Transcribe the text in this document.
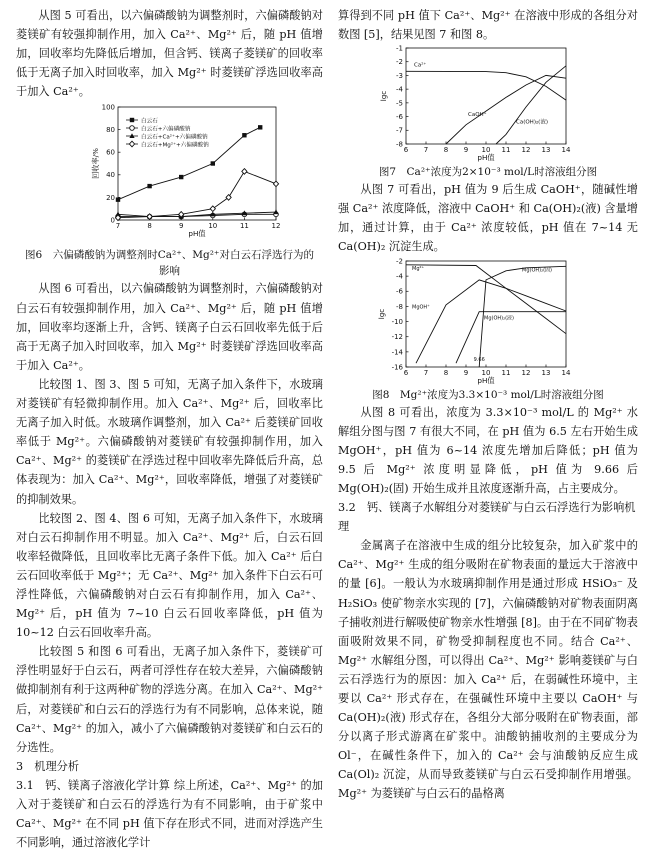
从图 5 可看出，以六偏磷酸钠为调整剂时，六偏磷酸钠对菱镁矿有较强抑制作用，加入 Ca²⁺、Mg²⁺ 后，随 pH 值增加，回收率均先降低后增加，但含钙、镁离子菱镁矿的回收率低于无离子加入时回收率，加入 Mg²⁺ 时菱镁矿浮选回收率高于加入 Ca²⁺。

7	8	9	10	11	12
0
20
40
60
80
100
pH值
回收率/%
白云石
白云石+六偏磷酸钠
白云石+Ca²⁺+六偏磷酸钠
白云石+Mg²⁺+六偏磷酸钠

图6　六偏磷酸钠为调整剂时Ca²⁺、Mg²⁺对白云石浮选行为的影响

从图 6 可看出，以六偏磷酸钠为调整剂时，六偏磷酸钠对白云石有较强抑制作用，加入 Ca²⁺、Mg²⁺ 后，随 pH 值增加，回收率均逐渐上升，含钙、镁离子白云石回收率先低于后高于无离子加入时回收率，加入 Mg²⁺ 时菱镁矿浮选回收率高于加入 Ca²⁺。

比较图 1、图 3、图 5 可知，无离子加入条件下，水玻璃对菱镁矿有轻微抑制作用。加入 Ca²⁺、Mg²⁺ 后，回收率比无离子加入时低。水玻璃作调整剂，加入 Ca²⁺ 后菱镁矿回收率低于 Mg²⁺。六偏磷酸钠对菱镁矿有较强抑制作用，加入 Ca²⁺、Mg²⁺ 的菱镁矿在浮选过程中回收率先降低后升高，总体表现为：加入 Ca²⁺、Mg²⁺，回收率降低，增强了对菱镁矿的抑制效果。

比较图 2、图 4、图 6 可知，无离子加入条件下，水玻璃对白云石抑制作用不明显。加入 Ca²⁺、Mg²⁺ 后，白云石回收率轻微降低，且回收率比无离子条件下低。加入 Ca²⁺ 后白云石回收率低于 Mg²⁺；无 Ca²⁺、Mg²⁺ 加入条件下白云石可浮性降低，六偏磷酸钠对白云石有抑制作用，加入 Ca²⁺、Mg²⁺ 后，pH 值为 7~10 白云石回收率降低，pH 值为 10~12 白云石回收率升高。

比较图 5 和图 6 可看出，无离子加入条件下，菱镁矿可浮性明显好于白云石，两者可浮性存在较大差异，六偏磷酸钠做抑制剂有利于这两种矿物的浮选分离。在加入 Ca²⁺、Mg²⁺ 后，对菱镁矿和白云石的浮选行为有不同影响，总体来说，随 Ca²⁺、Mg²⁺ 的加入，减小了六偏磷酸钠对菱镁矿和白云石的分选性。

3　机理分析

3.1　钙、镁离子溶液化学计算 综上所述，Ca²⁺、Mg²⁺ 的加入对于菱镁矿和白云石的浮选行为有不同影响，由于矿浆中 Ca²⁺、Mg²⁺ 在不同 pH 值下存在形式不同，进而对浮选产生不同影响，通过溶液化学计

算得到不同 pH 值下 Ca²⁺、Mg²⁺ 在溶液中形成的各组分对数图 [5]，结果见图 7 和图 8。

6 7 8 9 10 11 12 13 14
-1
-2
-3
-4
-5
-6
-7
-8
pH值
lgc
Ca²⁺
CaOH⁺
Ca(OH)₂(液)

图7　Ca²⁺浓度为2×10⁻³ mol/L时溶液组分图

从图 7 可看出，pH 值为 9 后生成 CaOH⁺，随碱性增强 Ca²⁺ 浓度降低，溶液中 CaOH⁺ 和 Ca(OH)₂(液) 含量增加，通过计算，由于 Ca²⁺ 浓度较低，pH 值在 7~14 无 Ca(OH)₂ 沉淀生成。

6 7 8 9 10 11 12 13 14
-2
-4
-6
-8
-10
-12
-14
-16
pH值
lgc
Mg²⁺
MgOH⁺
Mg(OH)₂(液)
Mg(OH)₂(固)
9.66

图8　Mg²⁺浓度为3.3×10⁻³ mol/L时溶液组分图

从图 8 可看出，浓度为 3.3×10⁻³ mol/L 的 Mg²⁺ 水解组分图与图 7 有很大不同，在 pH 值为 6.5 左右开始生成 MgOH⁺，pH 值为 6~14 浓度先增加后降低；pH 值为 9.5 后 Mg²⁺ 浓度明显降低，pH 值为 9.66 后 Mg(OH)₂(固) 开始生成并且浓度逐渐升高，占主要成分。

3.2　钙、镁离子水解组分对菱镁矿与白云石浮选行为影响机理

金属离子在溶液中生成的组分比较复杂，加入矿浆中的 Ca²⁺、Mg²⁺ 生成的组分吸附在矿物表面的量远大于溶液中的量 [6]。一般认为水玻璃抑制作用是通过形成 HSiO₃⁻ 及 H₂SiO₃ 使矿物亲水实现的 [7]，六偏磷酸钠对矿物表面阴离子捕收剂进行解吸使矿物亲水性增强 [8]。由于在不同矿物表面吸附效果不同，矿物受抑制程度也不同。结合 Ca²⁺、Mg²⁺ 水解组分图，可以得出 Ca²⁺、Mg²⁺ 影响菱镁矿与白云石浮选行为的原因：加入 Ca²⁺ 后，在弱碱性环境中，主要以 Ca²⁺ 形式存在，在强碱性环境中主要以 CaOH⁺ 与 Ca(OH)₂(液) 形式存在，各组分大部分吸附在矿物表面，部分以离子形式游离在矿浆中。油酸钠捕收剂的主要成分为 Ol⁻，在碱性条件下，加入的 Ca²⁺ 会与油酸钠反应生成 Ca(Ol)₂ 沉淀，从而导致菱镁矿与白云石受抑制作用增强。Mg²⁺ 为菱镁矿与白云石的晶格离
